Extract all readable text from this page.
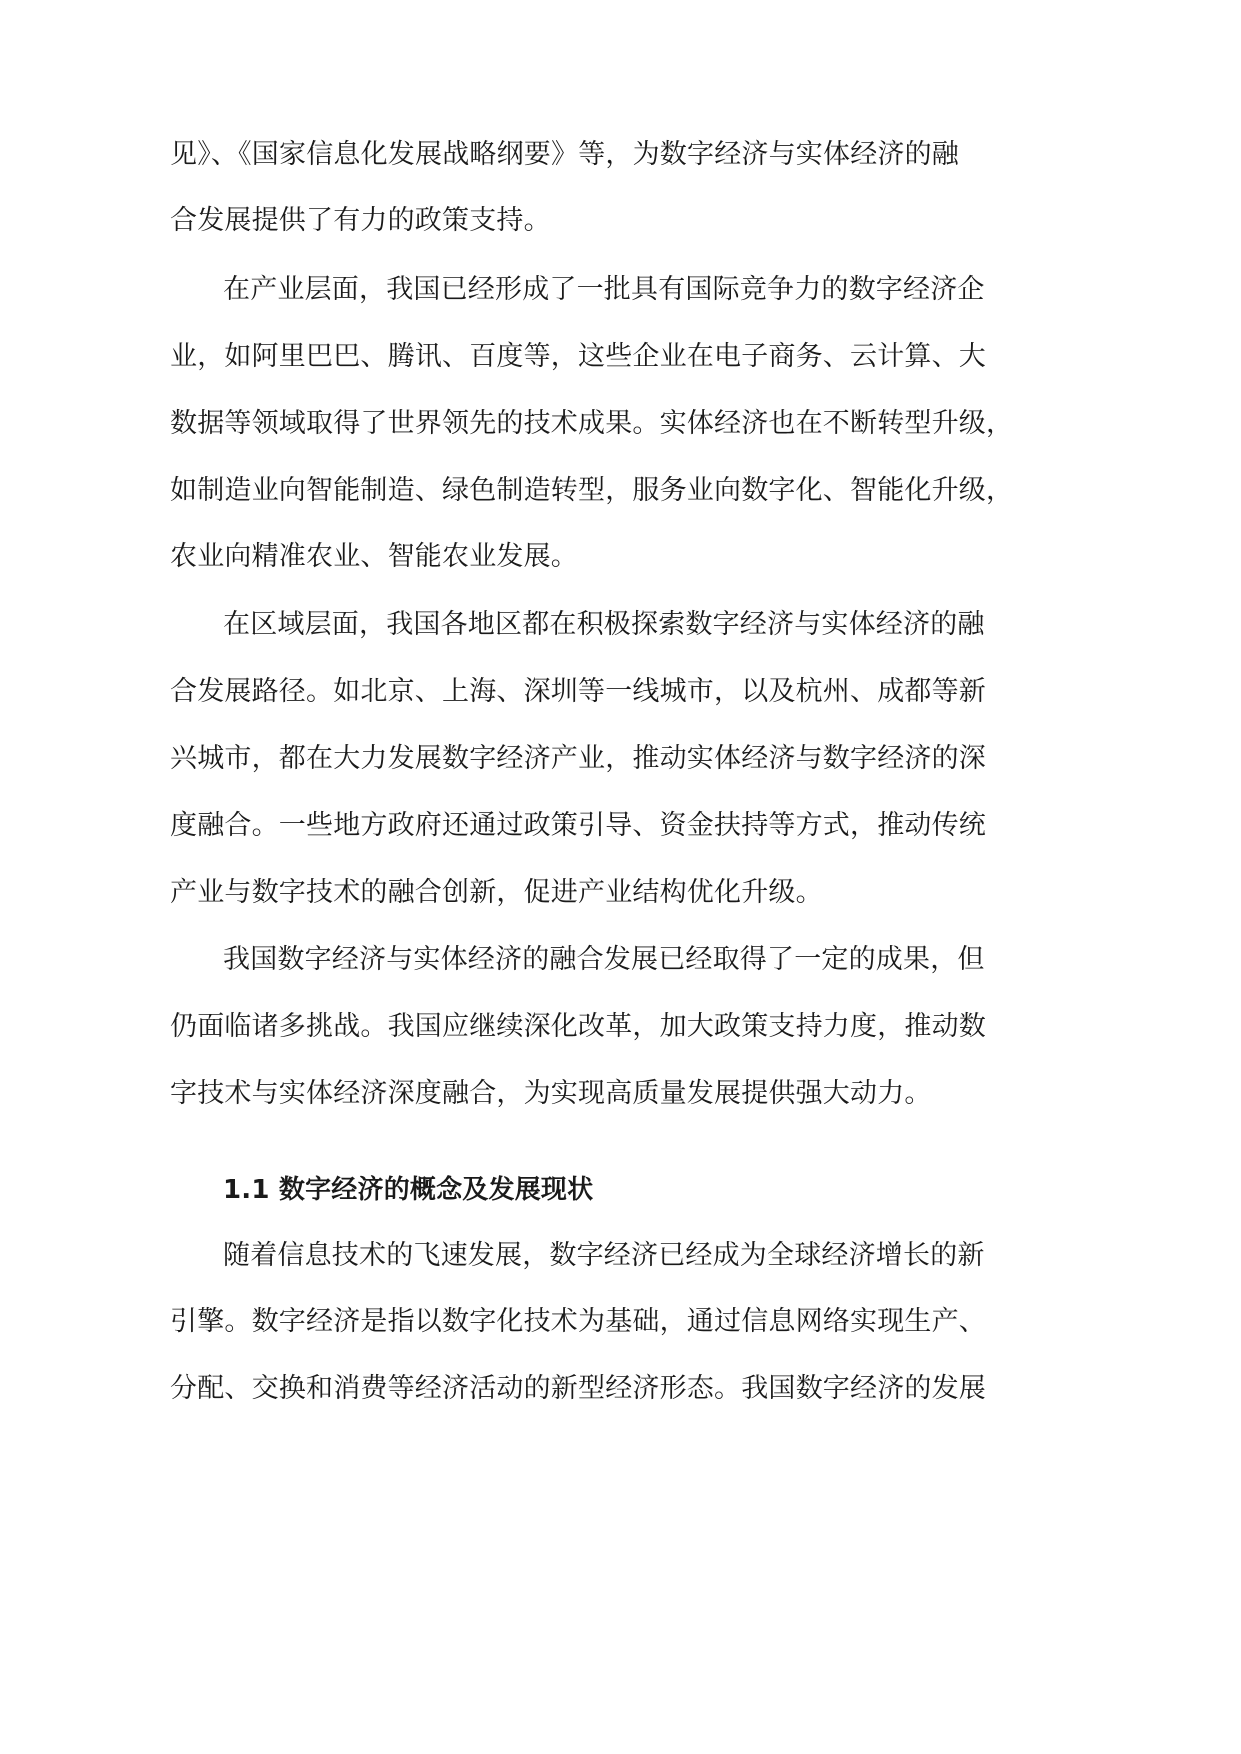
见》、《国家信息化发展战略纲要》等，为数字经济与实体经济的融
合发展提供了有力的政策支持。
在产业层面，我国已经形成了一批具有国际竞争力的数字经济企
业，如阿里巴巴、腾讯、百度等，这些企业在电子商务、云计算、大
数据等领域取得了世界领先的技术成果。实体经济也在不断转型升级，
如制造业向智能制造、绿色制造转型，服务业向数字化、智能化升级，
农业向精准农业、智能农业发展。
在区域层面，我国各地区都在积极探索数字经济与实体经济的融
合发展路径。如北京、上海、深圳等一线城市，以及杭州、成都等新
兴城市，都在大力发展数字经济产业，推动实体经济与数字经济的深
度融合。一些地方政府还通过政策引导、资金扶持等方式，推动传统
产业与数字技术的融合创新，促进产业结构优化升级。
我国数字经济与实体经济的融合发展已经取得了一定的成果，但
仍面临诸多挑战。我国应继续深化改革，加大政策支持力度，推动数
字技术与实体经济深度融合，为实现高质量发展提供强大动力。
1.1 数字经济的概念及发展现状
随着信息技术的飞速发展，数字经济已经成为全球经济增长的新
引擎。数字经济是指以数字化技术为基础，通过信息网络实现生产、
分配、交换和消费等经济活动的新型经济形态。我国数字经济的发展
